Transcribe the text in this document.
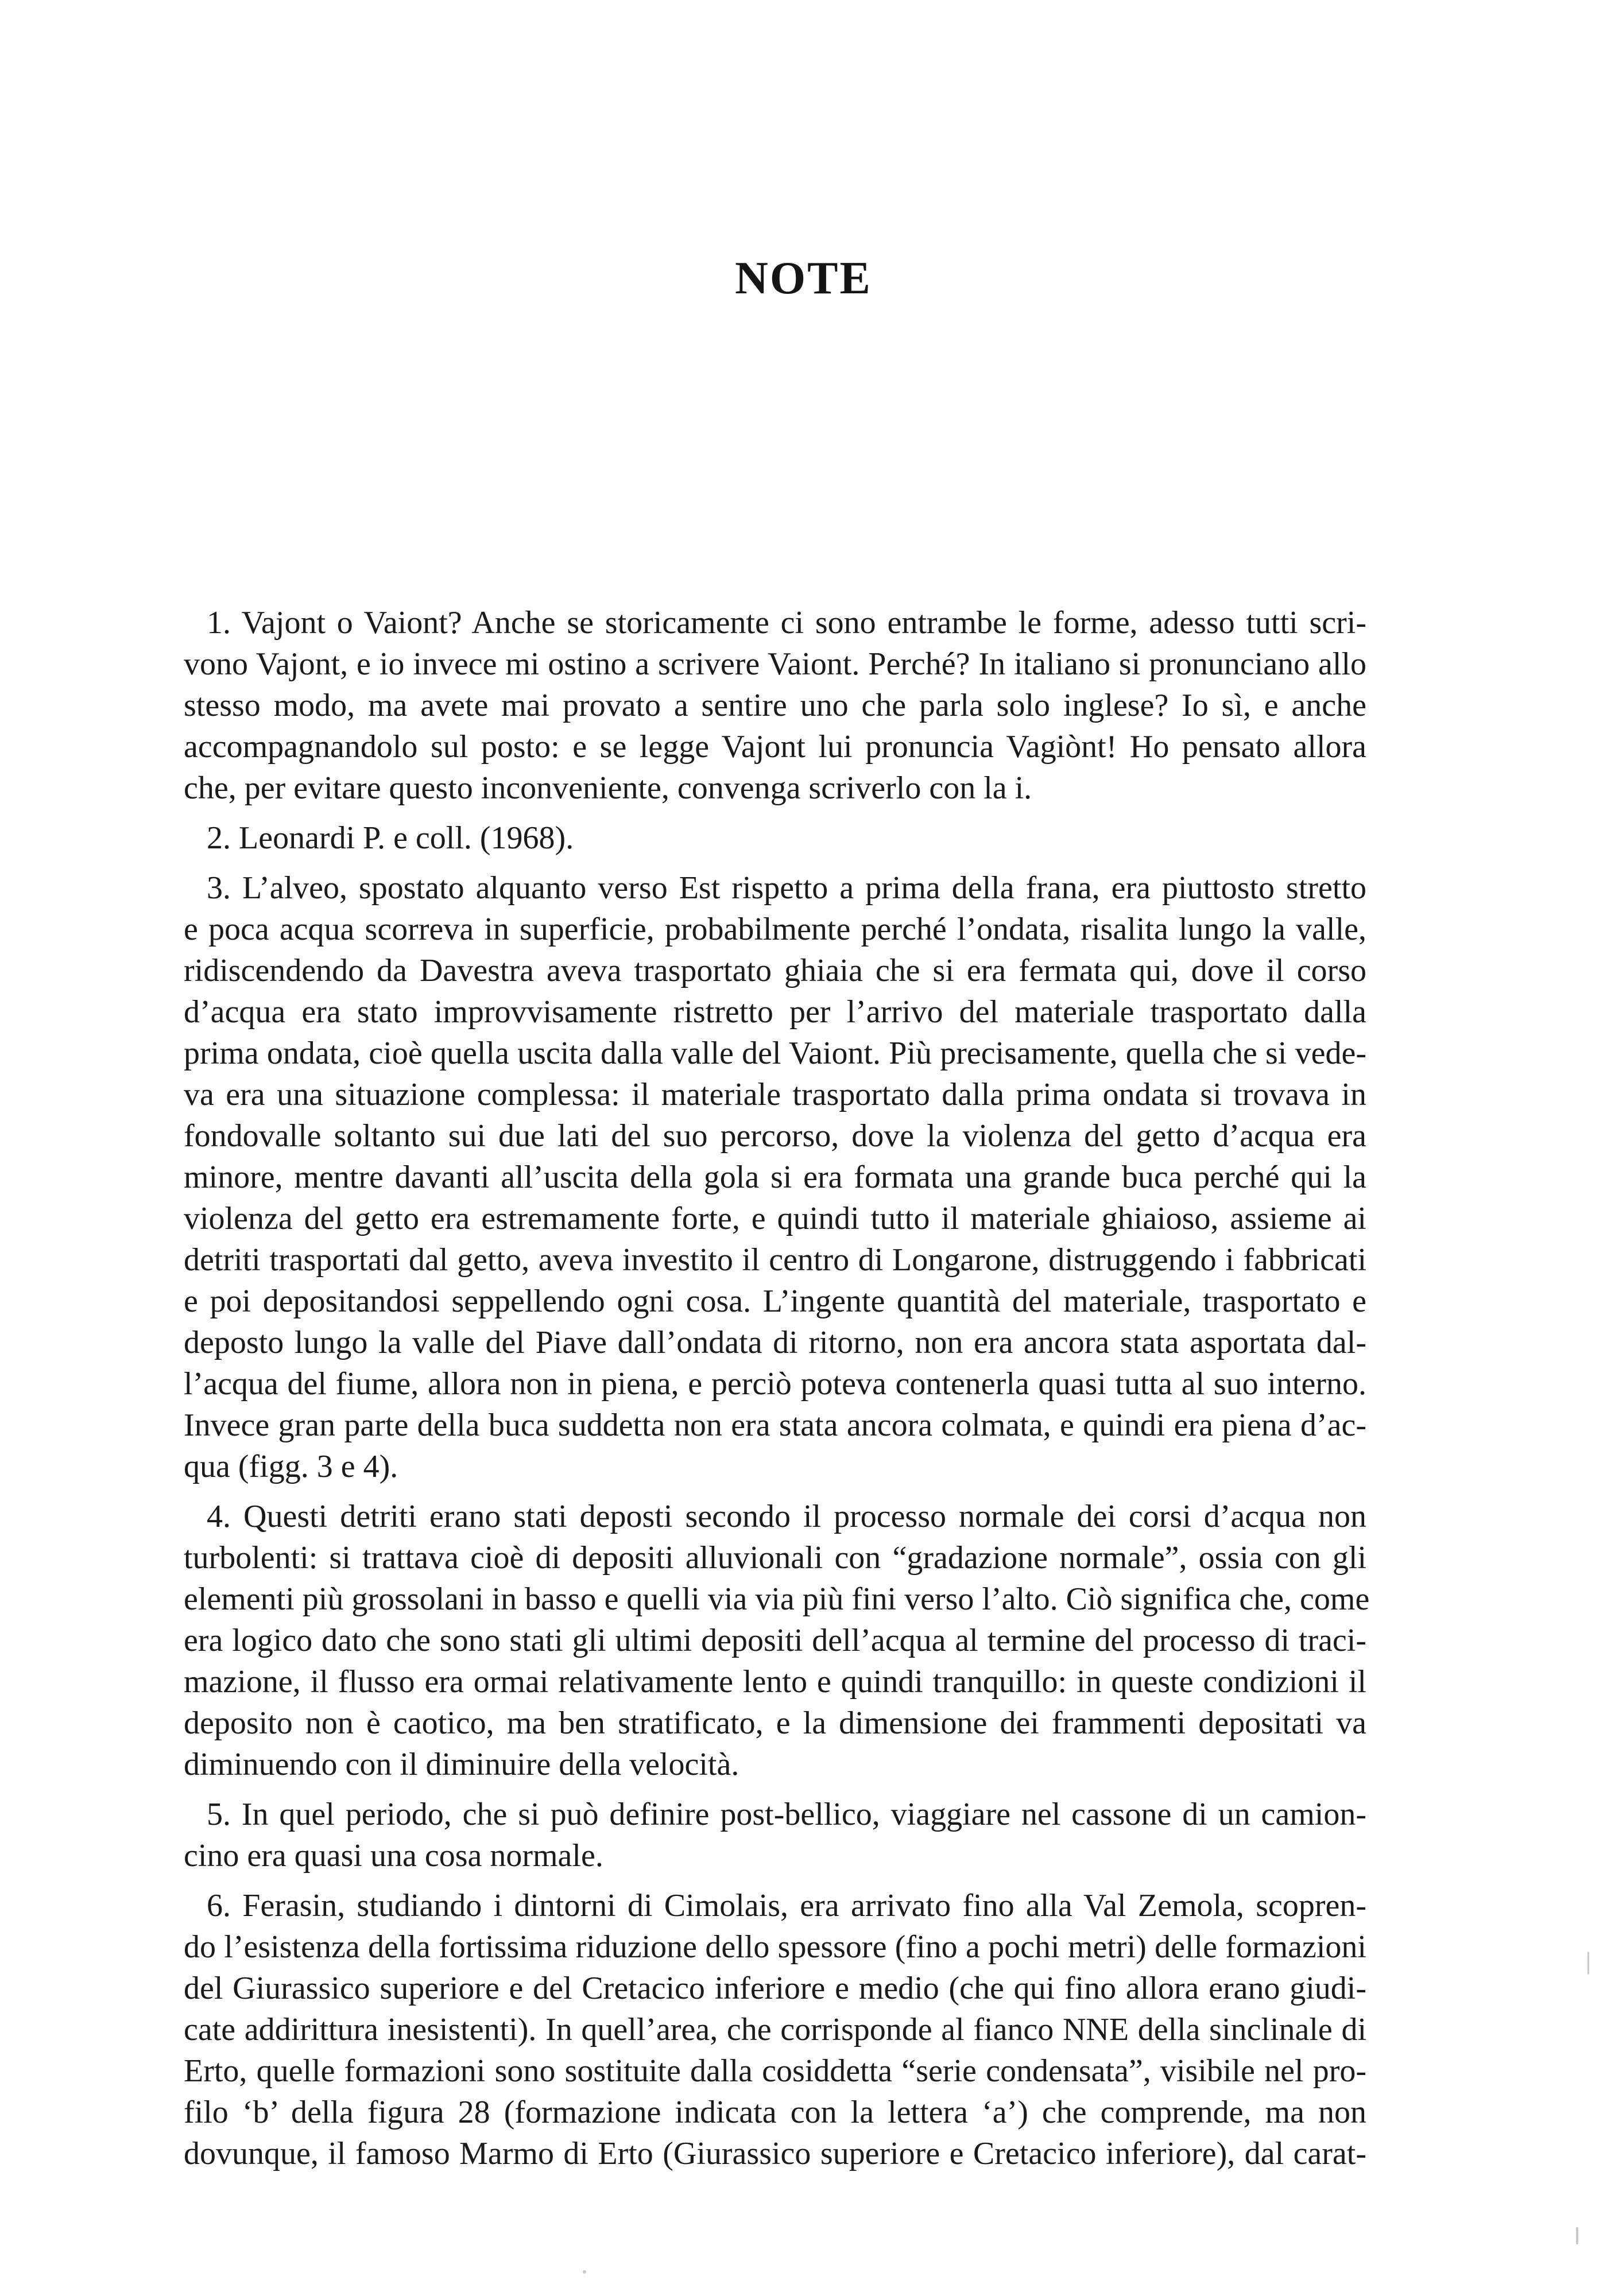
NOTE
1. Vajont o Vaiont? Anche se storicamente ci sono entrambe le forme, adesso tutti scri-
vono Vajont, e io invece mi ostino a scrivere Vaiont. Perché? In italiano si pronunciano allo
stesso modo, ma avete mai provato a sentire uno che parla solo inglese? Io sì, e anche
accompagnandolo sul posto: e se legge Vajont lui pronuncia Vagiònt! Ho pensato allora
che, per evitare questo inconveniente, convenga scriverlo con la i.
2. Leonardi P. e coll. (1968).
3. L’alveo, spostato alquanto verso Est rispetto a prima della frana, era piuttosto stretto
e poca acqua scorreva in superficie, probabilmente perché l’ondata, risalita lungo la valle,
ridiscendendo da Davestra aveva trasportato ghiaia che si era fermata qui, dove il corso
d’acqua era stato improvvisamente ristretto per l’arrivo del materiale trasportato dalla
prima ondata, cioè quella uscita dalla valle del Vaiont. Più precisamente, quella che si vede-
va era una situazione complessa: il materiale trasportato dalla prima ondata si trovava in
fondovalle soltanto sui due lati del suo percorso, dove la violenza del getto d’acqua era
minore, mentre davanti all’uscita della gola si era formata una grande buca perché qui la
violenza del getto era estremamente forte, e quindi tutto il materiale ghiaioso, assieme ai
detriti trasportati dal getto, aveva investito il centro di Longarone, distruggendo i fabbricati
e poi depositandosi seppellendo ogni cosa. L’ingente quantità del materiale, trasportato e
deposto lungo la valle del Piave dall’ondata di ritorno, non era ancora stata asportata dal-
l’acqua del fiume, allora non in piena, e perciò poteva contenerla quasi tutta al suo interno.
Invece gran parte della buca suddetta non era stata ancora colmata, e quindi era piena d’ac-
qua (figg. 3 e 4).
4. Questi detriti erano stati deposti secondo il processo normale dei corsi d’acqua non
turbolenti: si trattava cioè di depositi alluvionali con “gradazione normale”, ossia con gli
elementi più grossolani in basso e quelli via via più fini verso l’alto. Ciò significa che, come
era logico dato che sono stati gli ultimi depositi dell’acqua al termine del processo di traci-
mazione, il flusso era ormai relativamente lento e quindi tranquillo: in queste condizioni il
deposito non è caotico, ma ben stratificato, e la dimensione dei frammenti depositati va
diminuendo con il diminuire della velocità.
5. In quel periodo, che si può definire post-bellico, viaggiare nel cassone di un camion-
cino era quasi una cosa normale.
6. Ferasin, studiando i dintorni di Cimolais, era arrivato fino alla Val Zemola, scopren-
do l’esistenza della fortissima riduzione dello spessore (fino a pochi metri) delle formazioni
del Giurassico superiore e del Cretacico inferiore e medio (che qui fino allora erano giudi-
cate addirittura inesistenti). In quell’area, che corrisponde al fianco NNE della sinclinale di
Erto, quelle formazioni sono sostituite dalla cosiddetta “serie condensata”, visibile nel pro-
filo ‘b’ della figura 28 (formazione indicata con la lettera ‘a’) che comprende, ma non
dovunque, il famoso Marmo di Erto (Giurassico superiore e Cretacico inferiore), dal carat-
